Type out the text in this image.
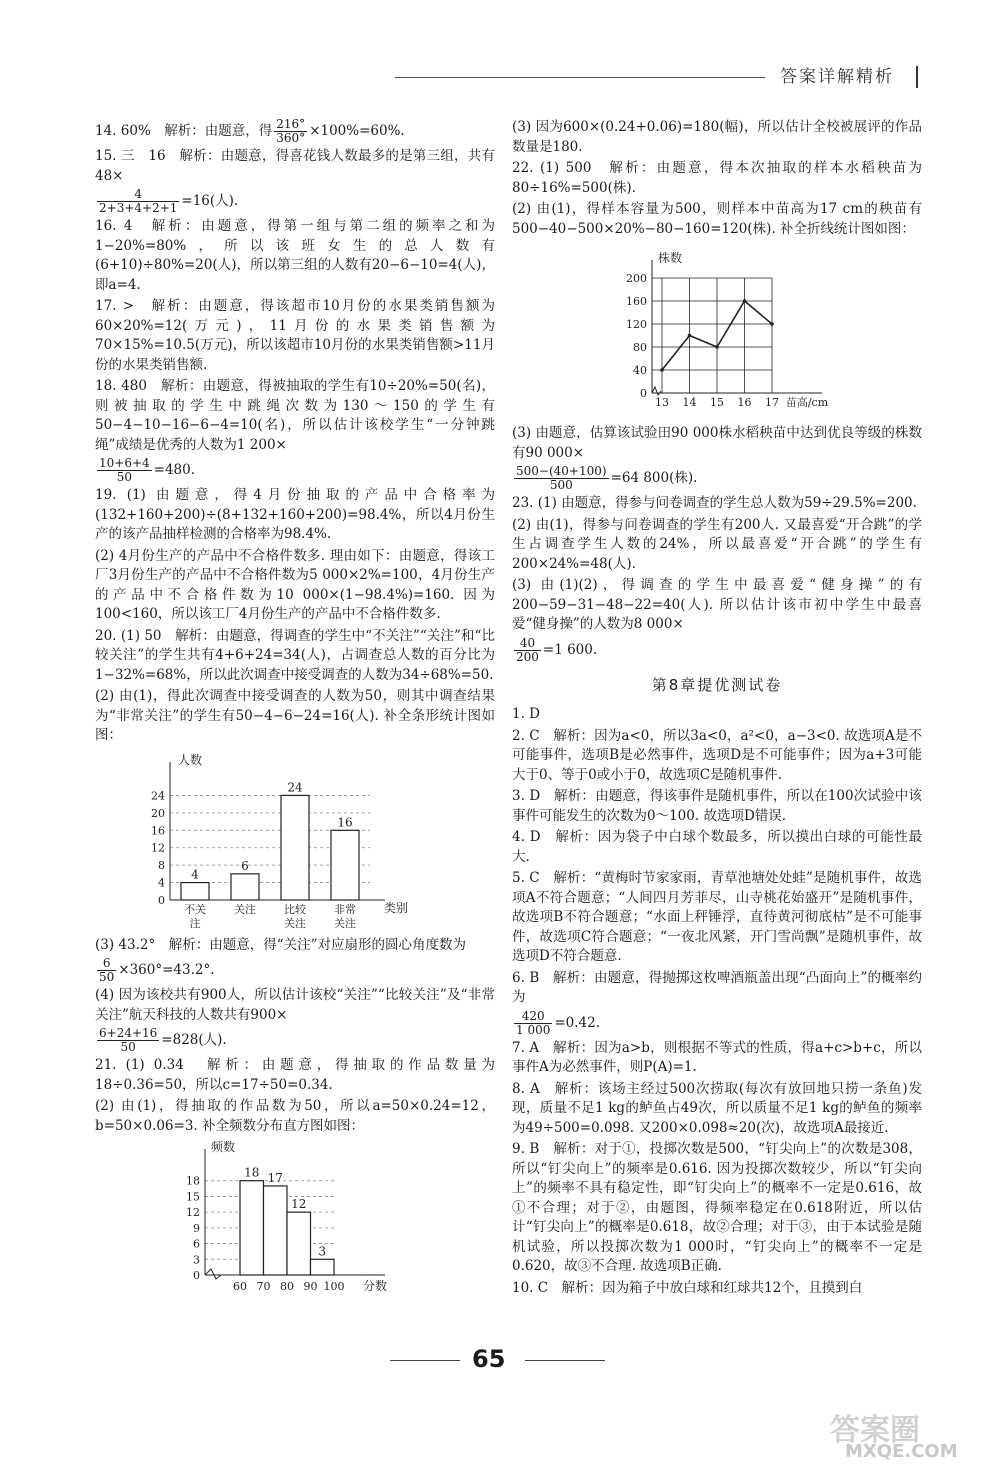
答案详解精析

14. 60%　解析：由题意，得 $\frac{216^\circ}{360^\circ} \times 100\%=60\%$.

15. 三　16　解析：由题意，得喜花钱人数最多的是第三组，共有48×

$\frac{4}{2+3+4+2+1} =16$(人).

16. 4　解析：由题意，得第一组与第二组的频率之和为1−20%=80%，所以该班女生的总人数有(6+10)÷80%=20(人)，所以第三组的人数有20−6−10=4(人)，即a=4.

17. >　解析：由题意，得该超市10月份的水果类销售额为60×20%=12(万元)，11月份的水果类销售额为70×15%=10.5(万元)，所以该超市10月份的水果类销售额>11月份的水果类销售额.

18. 480　解析：由题意，得被抽取的学生有10÷20%=50(名)，则被抽取的学生中跳绳次数为130～150的学生有50−4−10−16−6−4=10(名)，所以估计该校学生“一分钟跳绳”成绩是优秀的人数为1 200×

$\frac{10+6+4}{50} =480$.

19. (1) 由题意，得4月份抽取的产品中合格率为(132+160+200)÷(8+132+160+200)=98.4%，所以4月份生产的该产品抽样检测的合格率为98.4%.

(2) 4月份生产的产品中不合格件数多. 理由如下：由题意，得该工厂3月份生产的产品中不合格件数为5 000×2%=100，4月份生产的产品中不合格件数为10 000×(1−98.4%)=160. 因为100<160，所以该工厂4月份生产的产品中不合格件数多.

20. (1) 50　解析：由题意，得调查的学生中“不关注”“关注”和“比较关注”的学生共有4+6+24=34(人)，占调查总人数的百分比为1−32%=68%，所以此次调查中接受调查的人数为34÷68%=50.

(2) 由(1)，得此次调查中接受调查的人数为50，则其中调查结果为“非常关注”的学生有50−4−6−24=16(人). 补全条形统计图如图：

0
4
8
12
16
20
24
人数
类别
4
不关
注
6
关注
24
比较
关注
16
非常
关注

(3) 43.2°　解析：由题意，得“关注”对应扇形的圆心角度数为

$\frac{6}{50} \times 360^\circ=43.2^\circ$.

(4) 因为该校共有900人，所以估计该校“关注”“比较关注”及“非常关注”航天科技的人数共有900×

$\frac{6+24+16}{50} =828$(人).

21. (1) 0.34　解析：由题意，得抽取的作品数量为18÷0.36=50，所以c=17÷50=0.34.

(2) 由(1)，得抽取的作品数为50，所以a=50×0.24=12，b=50×0.06=3. 补全频数分布直方图如图：

0
3
6
9
12
15
18
频数
分数
18 17
12
3
60 70 80 90 100

(3) 因为600×(0.24+0.06)=180(幅)，所以估计全校被展评的作品数量是180.

22. (1) 500　解析：由题意，得本次抽取的样本水稻秧苗为80÷16%=500(株).

(2) 由(1)，得样本容量为500，则样本中苗高为17 cm的秧苗有500−40−500×20%−80−160=120(株). 补全折线统计图如图：

0
40
80
120
160
200
株数
苗高/cm
13 14 15 16 17

(3) 由题意，估算该试验田90 000株水稻秧苗中达到优良等级的株数有90 000×

$\frac{500-(40+100)}{500} =64$ 800(株).

23. (1) 由题意，得参与问卷调查的学生总人数为59÷29.5%=200.

(2) 由(1)，得参与问卷调查的学生有200人. 又最喜爱“开合跳”的学生占调查学生人数的24%，所以最喜爱“开合跳”的学生有200×24%=48(人).

(3) 由(1)(2)，得调查的学生中最喜爱“健身操”的有200−59−31−48−22=40(人). 所以估计该市初中学生中最喜爱“健身操”的人数为8 000×

$\frac{40}{200} =1$ 600.

第8章提优测试卷

1. D

2. C　解析：因为a<0，所以3a<0，a²<0，a−3<0. 故选项A是不可能事件，选项B是必然事件，选项D是不可能事件；因为a+3可能大于0、等于0或小于0，故选项C是随机事件.

3. D　解析：由题意，得该事件是随机事件，所以在100次试验中该事件可能发生的次数为0～100. 故选项D错误.

4. D　解析：因为袋子中白球个数最多，所以摸出白球的可能性最大.

5. C　解析：“黄梅时节家家雨，青草池塘处处蛙”是随机事件，故选项A不符合题意；“人间四月芳菲尽，山寺桃花始盛开”是随机事件，故选项B不符合题意；“水面上秤锤浮，直待黄河彻底枯”是不可能事件，故选项C符合题意；“一夜北风紧，开门雪尚飘”是随机事件，故选项D不符合题意.

6. B　解析：由题意，得抛掷这枚啤酒瓶盖出现“凸面向上”的概率约为

$\frac{420}{1 000} =0.42$.

7. A　解析：因为a>b，则根据不等式的性质，得a+c>b+c，所以事件A为必然事件，则P(A)=1.

8. A　解析：该场主经过500次捞取(每次有放回地只捞一条鱼)发现，质量不足1 kg的鲈鱼占49次，所以质量不足1 kg的鲈鱼的频率为49÷500=0.098. 又200×0.098≈20(次)，故选项A最接近.

9. B　解析：对于①，投掷次数是500，“钉尖向上”的次数是308，所以“钉尖向上”的频率是0.616. 因为投掷次数较少，所以“钉尖向上”的频率不具有稳定性，即“钉尖向上”的概率不一定是0.616，故①不合理；对于②，由题图，得频率稳定在0.618附近，所以估计“钉尖向上”的概率是0.618，故②合理；对于③，由于本试验是随机试验，所以投掷次数为1 000时，“钉尖向上”的概率不一定是0.620，故③不合理. 故选项B正确.

10. C　解析：因为箱子中放白球和红球共12个，且摸到白

65
答案圈
MXQE.COM
